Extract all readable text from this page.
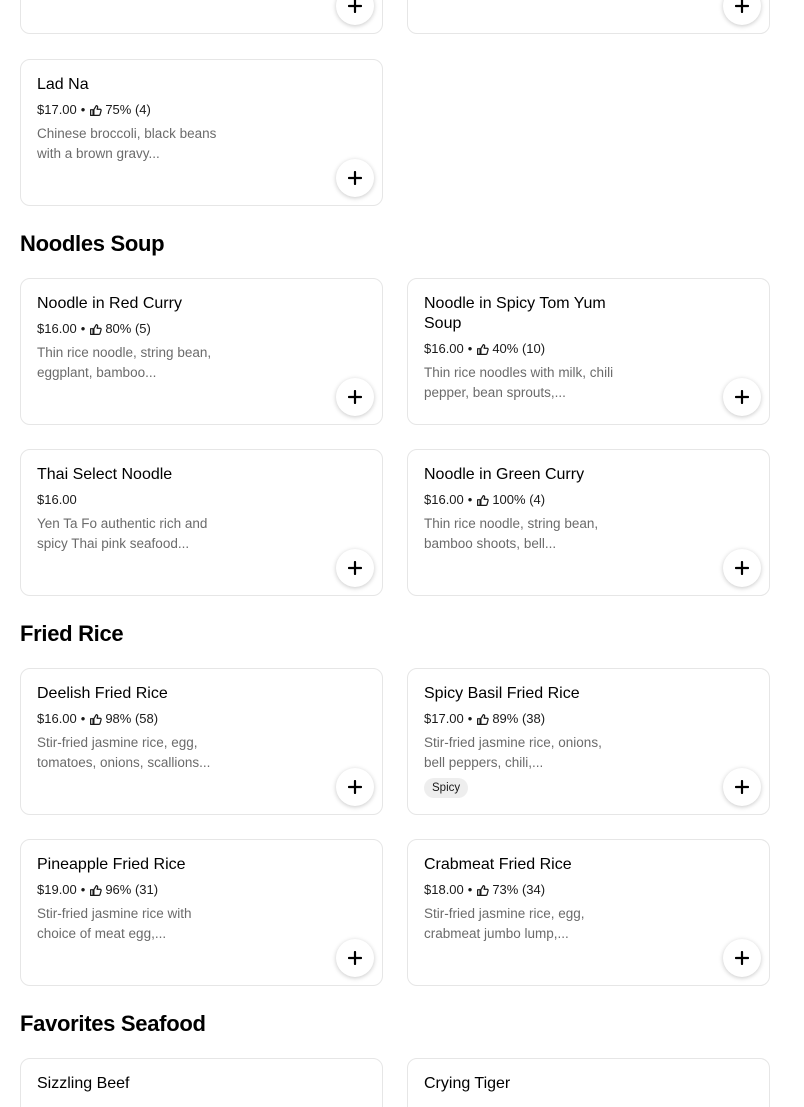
Lad Na
$17.00 • 75% (4)
Chinese broccoli, black beans with a brown gravy...
Noodles Soup
Noodle in Red Curry
$16.00 • 80% (5)
Thin rice noodle, string bean, eggplant, bamboo...
Noodle in Spicy Tom Yum Soup
$16.00 • 40% (10)
Thin rice noodles with milk, chili pepper, bean sprouts,...
Thai Select Noodle
$16.00
Yen Ta Fo authentic rich and spicy Thai pink seafood...
Noodle in Green Curry
$16.00 • 100% (4)
Thin rice noodle, string bean, bamboo shoots, bell...
Fried Rice
Deelish Fried Rice
$16.00 • 98% (58)
Stir-fried jasmine rice, egg, tomatoes, onions, scallions...
Spicy Basil Fried Rice
$17.00 • 89% (38)
Stir-fried jasmine rice, onions, bell peppers, chili,...
Spicy
Pineapple Fried Rice
$19.00 • 96% (31)
Stir-fried jasmine rice with choice of meat egg,...
Crabmeat Fried Rice
$18.00 • 73% (34)
Stir-fried jasmine rice, egg, crabmeat jumbo lump,...
Favorites Seafood
Sizzling Beef	Crying Tiger
